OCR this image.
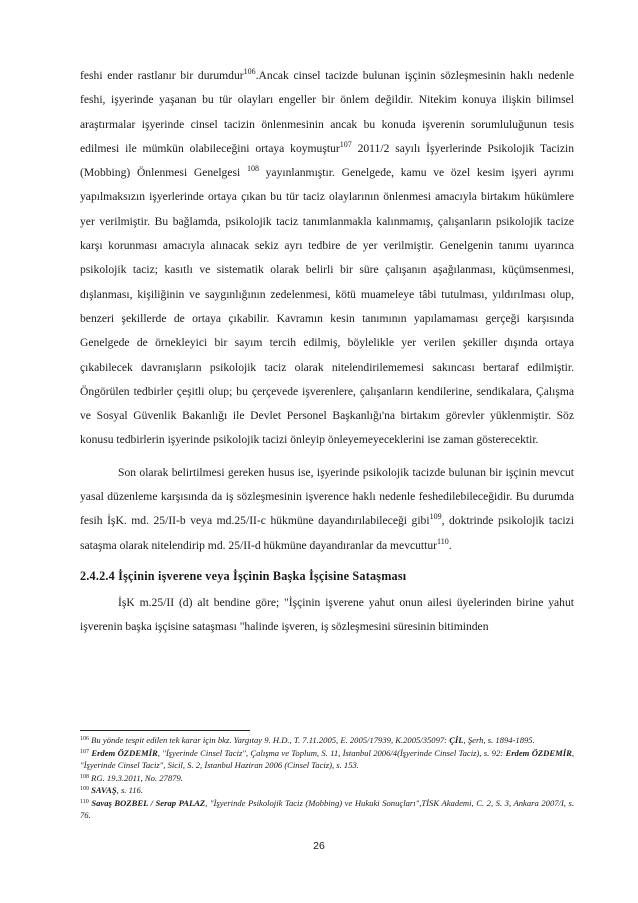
feshi ender rastlanır bir durumdur$^{106}$.Ancak cinsel tacizde bulunan işçinin sözleşmesinin haklı nedenle feshi, işyerinde yaşanan bu tür olayları engeller bir önlem değildir. Nitekim konuya ilişkin bilimsel araştırmalar işyerinde cinsel tacizin önlenmesinin ancak bu konuda işverenin sorumluluğunun tesis edilmesi ile mümkün olabileceğini ortaya koymuştur$^{107}$ 2011/2 sayılı İşyerlerinde Psikolojik Tacizin (Mobbing) Önlenmesi Genelgesi $^{108}$ yayınlanmıştır. Genelgede, kamu ve özel kesim işyeri ayrımı yapılmaksızın işyerlerinde ortaya çıkan bu tür taciz olaylarının önlenmesi amacıyla birtakım hükümlere yer verilmiştir. Bu bağlamda, psikolojik taciz tanımlanmakla kalınmamış, çalışanların psikolojik tacize karşı korunması amacıyla alınacak sekiz ayrı tedbire de yer verilmiştir. Genelgenin tanımı uyarınca psikolojik taciz; kasıtlı ve sistematik olarak belirli bir süre çalışanın aşağılanması, küçümsenmesi, dışlanması, kişiliğinin ve saygınlığının zedelenmesi, kötü muameleye tâbi tutulması, yıldırılması olup, benzeri şekillerde de ortaya çıkabilir. Kavramın kesin tanımının yapılamaması gerçeği karşısında Genelgede de örnekleyici bir sayım tercih edilmiş, böylelikle yer verilen şekiller dışında ortaya çıkabilecek davranışların psikolojik taciz olarak nitelendirilememesi sakıncası bertaraf edilmiştir. Öngörülen tedbirler çeşitli olup; bu çerçevede işverenlere, çalışanların kendilerine, sendikalara, Çalışma ve Sosyal Güvenlik Bakanlığı ile Devlet Personel Başkanlığı'na birtakım görevler yüklenmiştir. Söz konusu tedbirlerin işyerinde psikolojik tacizi önleyip önleyemeyeceklerini ise zaman gösterecektir.

Son olarak belirtilmesi gereken husus ise, işyerinde psikolojik tacizde bulunan bir işçinin mevcut yasal düzenleme karşısında da iş sözleşmesinin işverence haklı nedenle feshedilebileceğidir. Bu durumda fesih İşK. md. 25/II-b veya md.25/II-c hükmüne dayandırılabileceği gibi$^{109}$, doktrinde psikolojik tacizi sataşma olarak nitelendirip md. 25/II-d hükmüne dayandıranlar da mevcuttur$^{110}$.

2.4.2.4 İşçinin işverene veya İşçinin Başka İşçisine Sataşması

İşK m.25/II (d) alt bendine göre; "İşçinin işverene yahut onun ailesi üyelerinden birine yahut işverenin başka işçisine sataşması "halinde işveren, iş sözleşmesini süresinin bitiminden

$^{106}$ Bu yönde tespit edilen tek karar için bkz. Yargıtay 9. H.D., T. 7.11.2005, E. 2005/17939, K.2005/35097: ÇİL, Şerh, s. 1894-1895.

$^{107}$ Erdem ÖZDEMİR, "İşyerinde Cinsel Taciz", Çalışma ve Toplum, S. 11, İstanbul 2006/4(İşyerinde Cinsel Taciz), s. 92: Erdem ÖZDEMİR, "İşyerinde Cinsel Taciz", Sicil, S. 2, İstanbul Haziran 2006 (Cinsel Taciz), s. 153.

$^{108}$ RG. 19.3.2011, No. 27879.

$^{109}$ SAVAŞ, s. 116.

$^{110}$ Savaş BOZBEL / Serap PALAZ, "İşyerinde Psikolojik Taciz (Mobbing) ve Hukuki Sonuçları",TİSK Akademi, C. 2, S. 3, Ankara 2007/I, s. 76.

26
